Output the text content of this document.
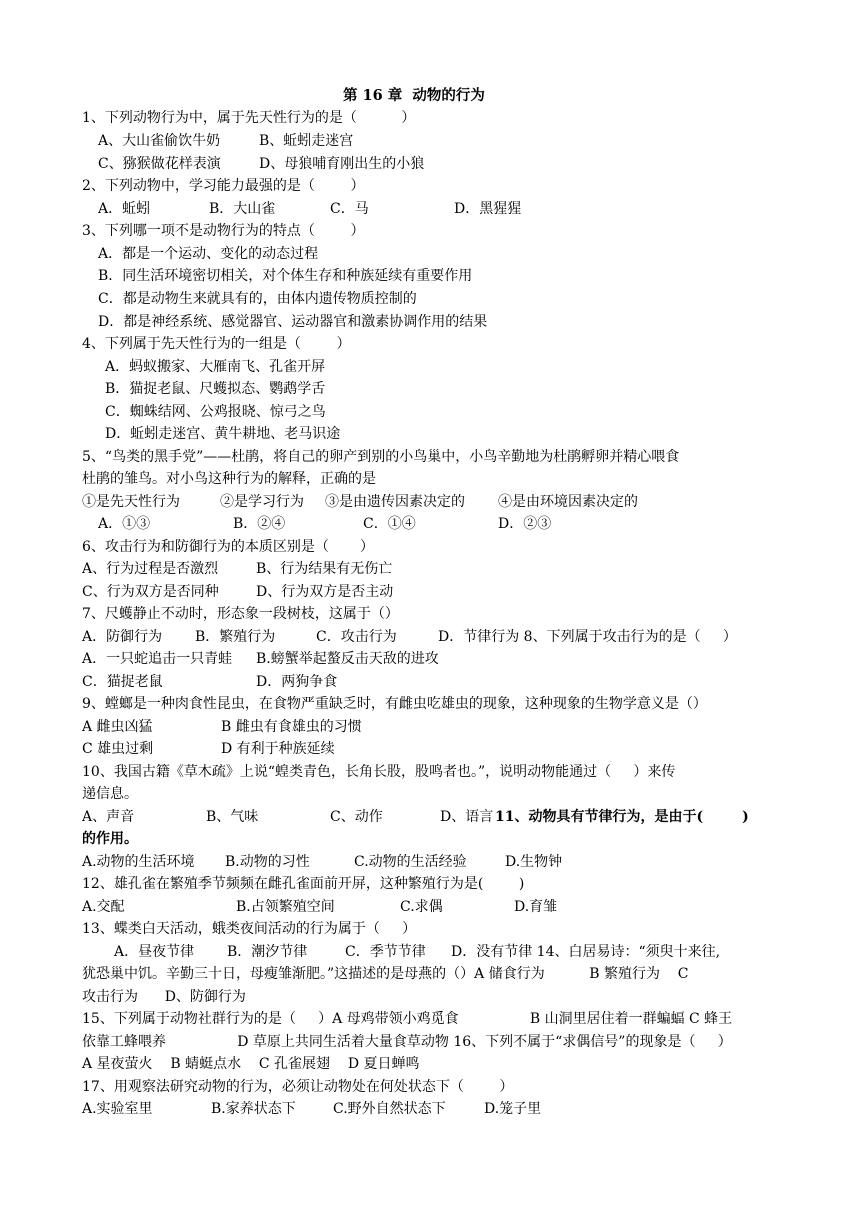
第 16 章  动物的行为
1、下列动物行为中，属于先天性行为的是（          ）
A、大山雀偷饮牛奶	B、蚯蚓走迷宫
C、猕猴做花样表演	D、母狼哺育刚出生的小狼
2、下列动物中，学习能力最强的是（        ）
A．蚯蚓	B．大山雀	C．马	D．黑猩猩
3、下列哪一项不是动物行为的特点（        ）
A．都是一个运动、变化的动态过程
B．同生活环境密切相关，对个体生存和种族延续有重要作用
C．都是动物生来就具有的，由体内遗传物质控制的
D．都是神经系统、感觉器官、运动器官和激素协调作用的结果
4、下列属于先天性行为的一组是（        ）
A．蚂蚁搬家、大雁南飞、孔雀开屏
B．猫捉老鼠、尺蠖拟态、鹦鹉学舌
C．蜘蛛结网、公鸡报晓、惊弓之鸟
D．蚯蚓走迷宫、黄牛耕地、老马识途
5、“鸟类的黑手党”——杜鹃，将自己的卵产到别的小鸟巢中，小鸟辛勤地为杜鹃孵卵并精心喂食
杜鹃的雏鸟。对小鸟这种行为的解释，正确的是
①是先天性行为	②是学习行为 ③是由遗传因素决定的 ④是由环境因素决定的
A．①③	B．②④	C．①④	D．②③
6、攻击行为和防御行为的本质区别是（       ）
A、行为过程是否激烈	B、行为结果有无伤亡
C、行为双方是否同种	D、行为双方是否主动
7、尺蠖静止不动时，形态象一段树枝，这属于（）
A．防御行为 B．繁殖行为	C．攻击行为	D．节律行为 8、下列属于攻击行为的是（     ）
A．一只蛇追击一只青蛙 B.螃蟹举起螯反击天敌的进攻
C．猫捉老鼠	D．两狗争食
9、螳螂是一种肉食性昆虫，在食物严重缺乏时，有雌虫吃雄虫的现象，这种现象的生物学意义是（）
A 雌虫凶猛	B 雌虫有食雄虫的习惯
C 雄虫过剩	D 有利于种族延续
10、我国古籍《草木疏》上说“蝗类青色，长角长股，股鸣者也。”，说明动物能通过（     ）来传
递信息。
A、声音	B、气味	C、动作	D、语言
11、动物具有节律行为，是由于(        )
的作用。
A.动物的生活环境 B.动物的习性	C.动物的生活经验	D.生物钟
12、雄孔雀在繁殖季节频频在雌孔雀面前开屏，这种繁殖行为是(        )
A.交配	B.占领繁殖空间	C.求偶	D.育雏
13、蝶类白天活动，蛾类夜间活动的行为属于（     ）
A．昼夜节律 B．潮汐节律	C．季节节律 D．没有节律 14、白居易诗：“须臾十来往,
犹恐巢中饥。辛勤三十日，母瘦雏渐肥。”这描述的是母燕的（）A 储食行为          B 繁殖行为    C
攻击行为      D、防御行为
15、下列属于动物社群行为的是（     ）A 母鸡带领小鸡觅食                B 山洞里居住着一群蝙蝠 C 蜂王
依靠工蜂喂养                D 草原上共同生活着大量食草动物 16、下列不属于“求偶信号”的现象是（     ）
A 星夜萤火    B 蜻蜓点水    C 孔雀展翅    D 夏日蝉鸣
17、用观察法研究动物的行为，必须让动物处在何处状态下（        ）
A.实验室里	B.家养状态下	C.野外自然状态下	D.笼子里
